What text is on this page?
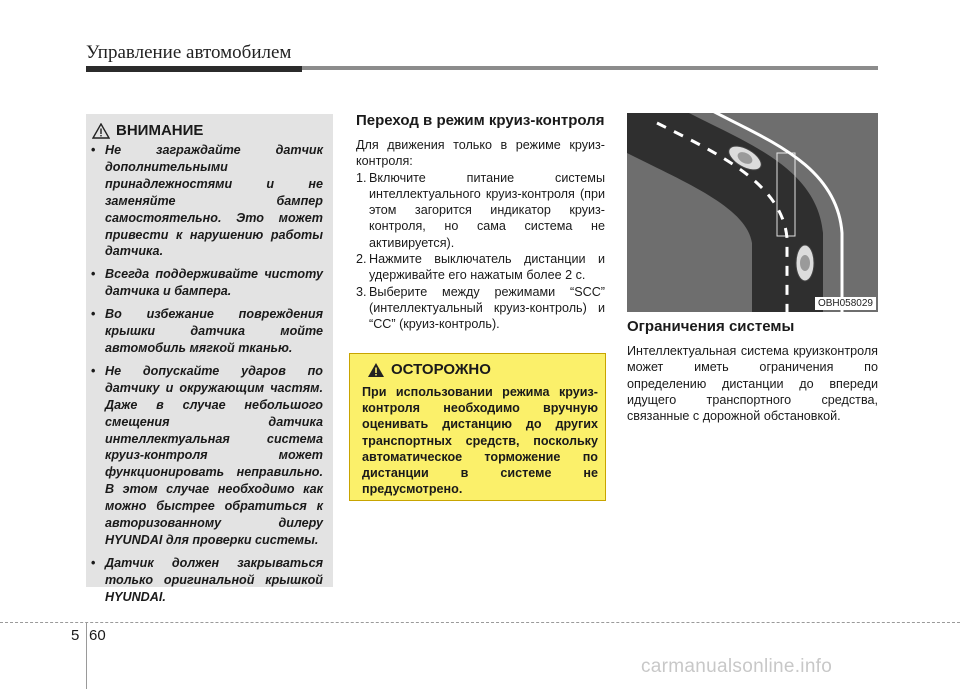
Управление автомобилем
ВНИМАНИЕ
• Не заграждайте датчик дополнительными принадлежностями и не заменяйте бампер самостоятельно. Это может привести к нарушению работы датчика.
• Всегда поддерживайте чистоту датчика и бампера.
• Во избежание повреждения крышки датчика мойте автомобиль мягкой тканью.
• Не допускайте ударов по датчику и окружающим частям. Даже в случае небольшого смещения датчика интеллектуальная система круиз-контроля может функционировать неправильно. В этом случае необходимо как можно быстрее обратиться к авторизованному дилеру HYUNDAI для проверки системы.
• Датчик должен закрываться только оригинальной крышкой HYUNDAI.
Переход в режим круиз-контроля

Для движения только в режиме круиз-контроля:

1. Включите питание системы интеллектуального круиз-контроля (при этом загорится индикатор круиз-контроля, но сама система не активируется).
2. Нажмите выключатель дистанции и удерживайте его нажатым более 2 с.
3. Выберите между режимами “SCC” (интеллектуальный круиз-контроль) и “CC” (круиз-контроль).
ОСТОРОЖНО

При использовании режима круиз-контроля необходимо вручную оценивать дистанцию до других транспортных средств, поскольку автоматическое торможение по дистанции в системе не предусмотрено.

OBH058029
Ограничения системы

Интеллектуальная система круизконтроля может иметь ограничения по определению дистанции до впереди идущего транспортного средства, связанные с дорожной обстановкой.

5 60
carmanualsonline.info
